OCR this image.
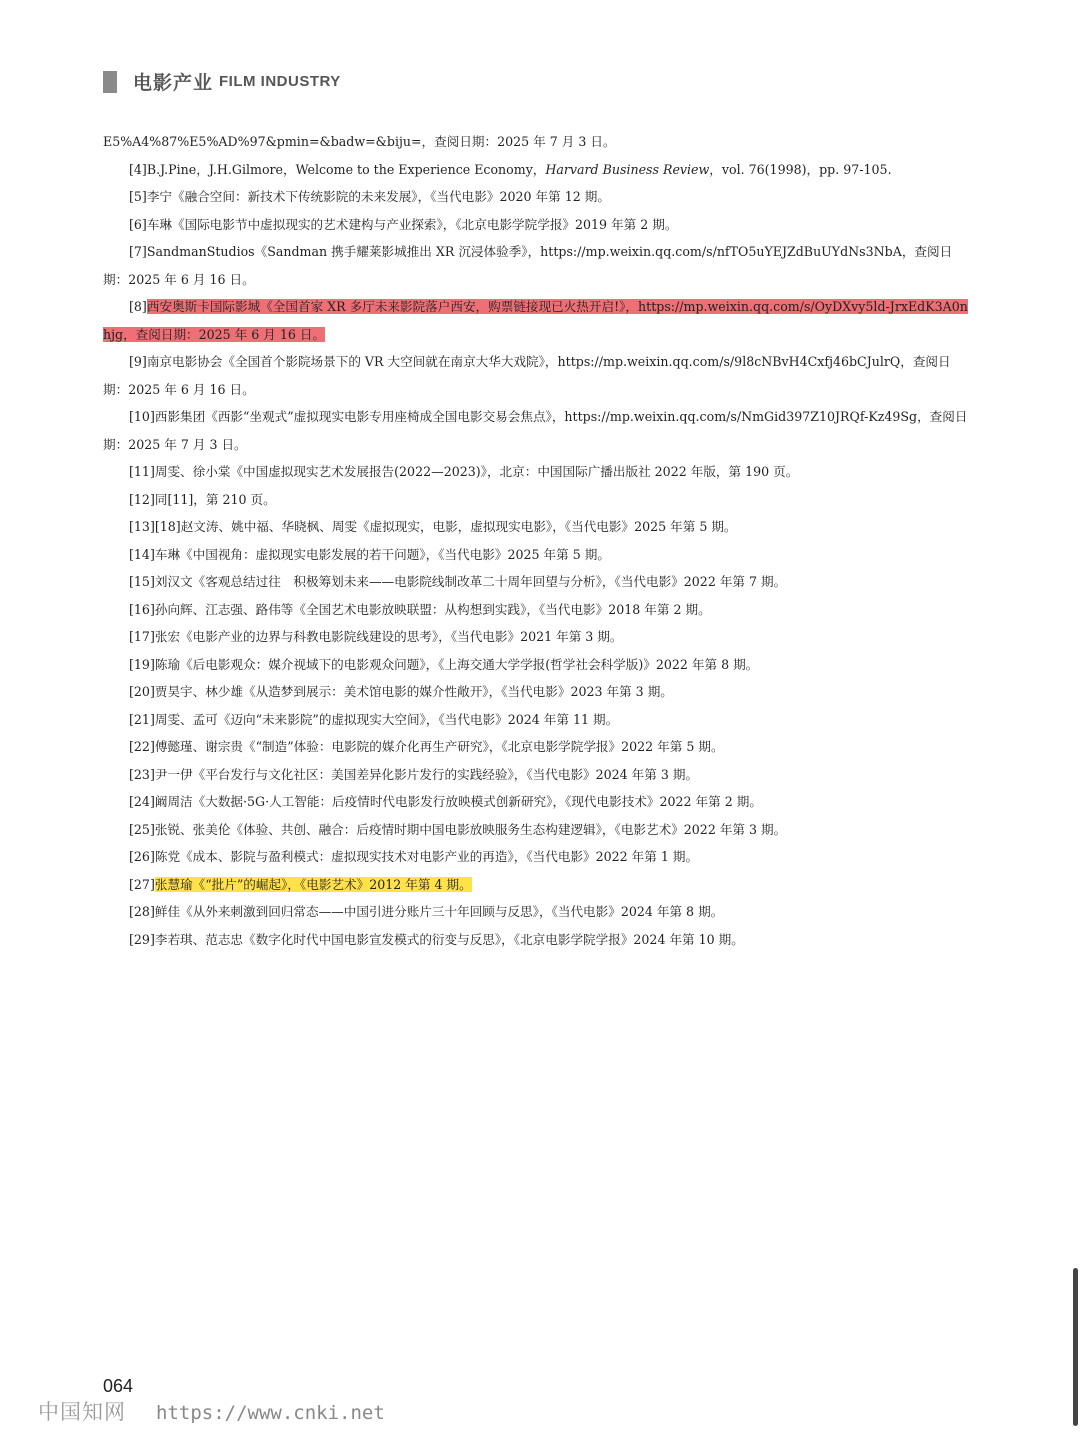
电影产业 FILM INDUSTRY

E5%A4%87%E5%AD%97&pmin=&badw=&biju=，查阅日期：2025 年 7 月 3 日。

[4]B.J.Pine，J.H.Gilmore，Welcome to the Experience Economy，Harvard Business Review，vol. 76(1998)，pp. 97-105.

[5]李宁《融合空间：新技术下传统影院的未来发展》，《当代电影》2020 年第 12 期。

[6]车琳《国际电影节中虚拟现实的艺术建构与产业探索》，《北京电影学院学报》2019 年第 2 期。

[7]SandmanStudios《Sandman 携手耀莱影城推出 XR 沉浸体验季》，https://mp.weixin.qq.com/s/nfTO5uYEJZdBuUYdNs3NbA，查阅日期：2025 年 6 月 16 日。

[8]西安奥斯卡国际影城《全国首家 XR 多厅未来影院落户西安，购票链接现已火热开启!》，https://mp.weixin.qq.com/s/OyDXvy5ld-JrxEdK3A0nhjg，查阅日期：2025 年 6 月 16 日。

[9]南京电影协会《全国首个影院场景下的 VR 大空间就在南京大华大戏院》，https://mp.weixin.qq.com/s/9l8cNBvH4Cxfj46bCJulrQ，查阅日期：2025 年 6 月 16 日。

[10]西影集团《西影“坐观式”虚拟现实电影专用座椅成全国电影交易会焦点》，https://mp.weixin.qq.com/s/NmGid397Z10JRQf-Kz49Sg，查阅日期：2025 年 7 月 3 日。

[11]周雯、徐小棠《中国虚拟现实艺术发展报告(2022—2023)》，北京：中国国际广播出版社 2022 年版，第 190 页。

[12]同[11]，第 210 页。

[13][18]赵文涛、姚中福、华晓枫、周雯《虚拟现实，电影，虚拟现实电影》，《当代电影》2025 年第 5 期。

[14]车琳《中国视角：虚拟现实电影发展的若干问题》，《当代电影》2025 年第 5 期。

[15]刘汉文《客观总结过往　积极筹划未来——电影院线制改革二十周年回望与分析》，《当代电影》2022 年第 7 期。

[16]孙向辉、江志强、路伟等《全国艺术电影放映联盟：从构想到实践》，《当代电影》2018 年第 2 期。

[17]张宏《电影产业的边界与科教电影院线建设的思考》，《当代电影》2021 年第 3 期。

[19]陈瑜《后电影观众：媒介视域下的电影观众问题》，《上海交通大学学报(哲学社会科学版)》2022 年第 8 期。

[20]贾昊宇、林少雄《从造梦到展示：美术馆电影的媒介性敞开》，《当代电影》2023 年第 3 期。

[21]周雯、孟可《迈向“未来影院”的虚拟现实大空间》，《当代电影》2024 年第 11 期。

[22]傅懿瑾、谢宗贵《“制造”体验：电影院的媒介化再生产研究》，《北京电影学院学报》2022 年第 5 期。

[23]尹一伊《平台发行与文化社区：美国差异化影片发行的实践经验》，《当代电影》2024 年第 3 期。

[24]阚周洁《大数据·5G·人工智能：后疫情时代电影发行放映模式创新研究》，《现代电影技术》2022 年第 2 期。

[25]张锐、张美伦《体验、共创、融合：后疫情时期中国电影放映服务生态构建逻辑》，《电影艺术》2022 年第 3 期。

[26]陈党《成本、影院与盈利模式：虚拟现实技术对电影产业的再造》，《当代电影》2022 年第 1 期。

[27]张慧瑜《“批片”的崛起》，《电影艺术》2012 年第 4 期。

[28]鲜佳《从外来刺激到回归常态——中国引进分账片三十年回顾与反思》，《当代电影》2024 年第 8 期。

[29]李若琪、范志忠《数字化时代中国电影宣发模式的衍变与反思》，《北京电影学院学报》2024 年第 10 期。

064
中国知网 https://www.cnki.net
